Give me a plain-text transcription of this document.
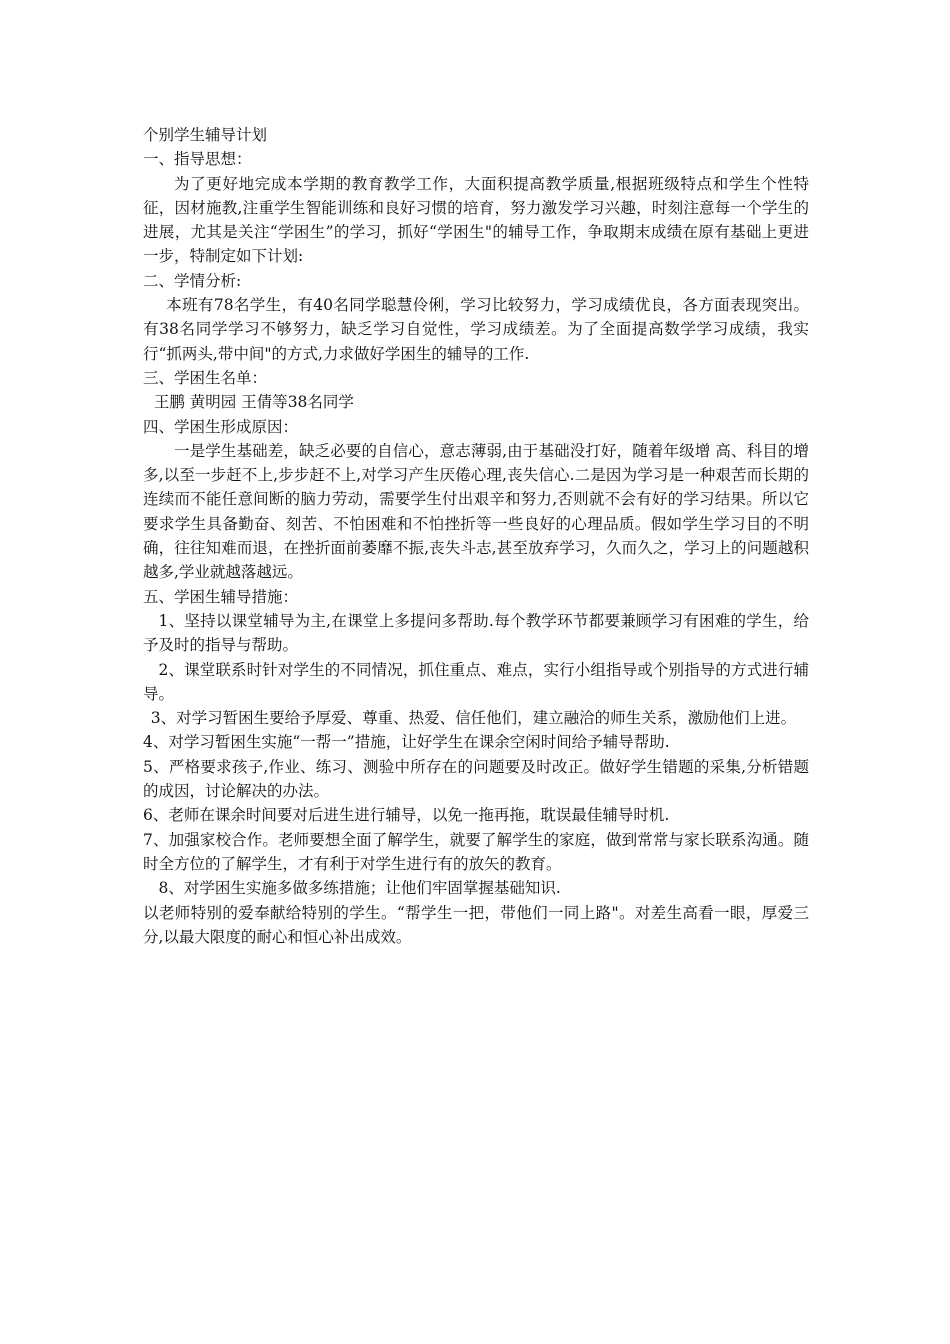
个别学生辅导计划

一、指导思想：

为了更好地完成本学期的教育教学工作，大面积提高教学质量,根据班级特点和学生个性特征，因材施教,注重学生智能训练和良好习惯的培育，努力激发学习兴趣，时刻注意每一个学生的进展，尤其是关注“学困生”的学习，抓好“学困生"的辅导工作，争取期末成绩在原有基础上更进一步，特制定如下计划:

二、学情分析:

本班有78名学生，有40名同学聪慧伶俐，学习比较努力，学习成绩优良，各方面表现突出。有38名同学学习不够努力，缺乏学习自觉性，学习成绩差。为了全面提高数学学习成绩，我实行“抓两头,带中间"的方式,力求做好学困生的辅导的工作.

三、学困生名单：

王鹏 黄明园 王倩等38名同学

四、学困生形成原因：

一是学生基础差，缺乏必要的自信心，意志薄弱,由于基础没打好，随着年级增 高、科目的增多,以至一步赶不上,步步赶不上,对学习产生厌倦心理,丧失信心.二是因为学习是一种艰苦而长期的连续而不能任意间断的脑力劳动，需要学生付出艰辛和努力,否则就不会有好的学习结果。所以它要求学生具备勤奋、刻苦、不怕困难和不怕挫折等一些良好的心理品质。假如学生学习目的不明确，往往知难而退，在挫折面前萎靡不振,丧失斗志,甚至放弃学习，久而久之，学习上的问题越积越多,学业就越落越远。

五、学困生辅导措施：

1、坚持以课堂辅导为主,在课堂上多提问多帮助.每个教学环节都要兼顾学习有困难的学生，给予及时的指导与帮助。

2、课堂联系时针对学生的不同情况，抓住重点、难点，实行小组指导或个别指导的方式进行辅导。

3、对学习暂困生要给予厚爱、尊重、热爱、信任他们，建立融洽的师生关系，激励他们上进。

4、对学习暂困生实施“一帮一”措施，让好学生在课余空闲时间给予辅导帮助.

5、严格要求孩子,作业、练习、测验中所存在的问题要及时改正。做好学生错题的采集,分析错题的成因，讨论解决的办法。

6、老师在课余时间要对后进生进行辅导，以免一拖再拖，耽误最佳辅导时机.

7、加强家校合作。老师要想全面了解学生，就要了解学生的家庭，做到常常与家长联系沟通。随时全方位的了解学生，才有利于对学生进行有的放矢的教育。

8、对学困生实施多做多练措施；让他们牢固掌握基础知识.

以老师特别的爱奉献给特别的学生。“帮学生一把，带他们一同上路"。对差生高看一眼，厚爱三分,以最大限度的耐心和恒心补出成效。
